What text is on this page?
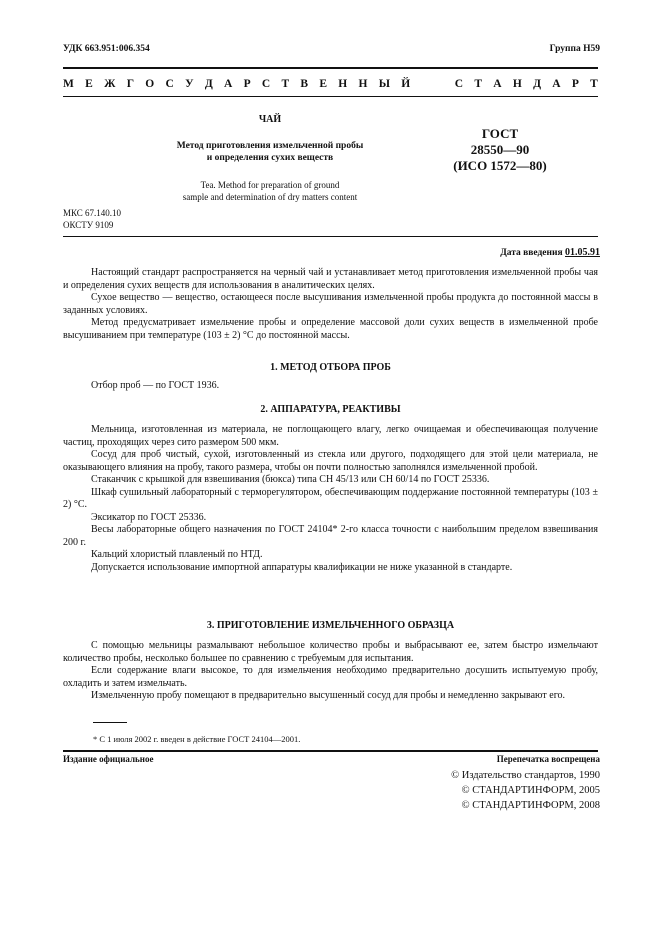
УДК 663.951:006.354	Группа Н59
М Е Ж Г О С У Д А Р С Т В Е Н Н Ы Й	С Т А Н Д А Р Т
ЧАЙ
Метод приготовления измельченной пробы
и определения сухих веществ
Tea. Method for preparation of ground
sample and determination of dry matters content
ГОСТ
28550—90
(ИСО 1572—80)
МКС 67.140.10
ОКСТУ 9109
Дата введения 01.05.91

Настоящий стандарт распространяется на черный чай и устанавливает метод приготовления измельченной пробы чая и определения сухих веществ для использования в аналитических целях.

Сухое вещество — вещество, остающееся после высушивания измельченной пробы продукта до постоянной массы в заданных условиях.

Метод предусматривает измельчение пробы и определение массовой доли сухих веществ в измельченной пробе высушиванием при температуре (103 ± 2) °С до постоянной массы.

1. МЕТОД ОТБОРА ПРОБ

Отбор проб — по ГОСТ 1936.

2. АППАРАТУРА, РЕАКТИВЫ

Мельница, изготовленная из материала, не поглощающего влагу, легко очищаемая и обеспечивающая получение частиц, проходящих через сито размером 500 мкм.

Сосуд для проб чистый, сухой, изготовленный из стекла или другого, подходящего для этой цели материала, не оказывающего влияния на пробу, такого размера, чтобы он почти полностью заполнялся измельченной пробой.

Стаканчик с крышкой для взвешивания (бюкса) типа СН 45/13 или СН 60/14 по ГОСТ 25336.

Шкаф сушильный лабораторный с терморегулятором, обеспечивающим поддержание постоянной температуры (103 ± 2) °С.

Эксикатор по ГОСТ 25336.

Весы лабораторные общего назначения по ГОСТ 24104* 2-го класса точности с наибольшим пределом взвешивания 200 г.

Кальций хлористый плавленый по НТД.

Допускается использование импортной аппаратуры квалификации не ниже указанной в стандарте.

3. ПРИГОТОВЛЕНИЕ ИЗМЕЛЬЧЕННОГО ОБРАЗЦА

С помощью мельницы размалывают небольшое количество пробы и выбрасывают ее, затем быстро измельчают количество пробы, несколько большее по сравнению с требуемым для испытания.

Если содержание влаги высокое, то для измельчения необходимо предварительно досушить испытуемую пробу, охладить и затем измельчать.

Измельченную пробу помещают в предварительно высушенный сосуд для пробы и немедленно закрывают его.

* С 1 июля 2002 г. введен в действие ГОСТ 24104—2001.
Издание официальное	Перепечатка воспрещена
© Издательство стандартов, 1990
© СТАНДАРТИНФОРМ, 2005
© СТАНДАРТИНФОРМ, 2008
